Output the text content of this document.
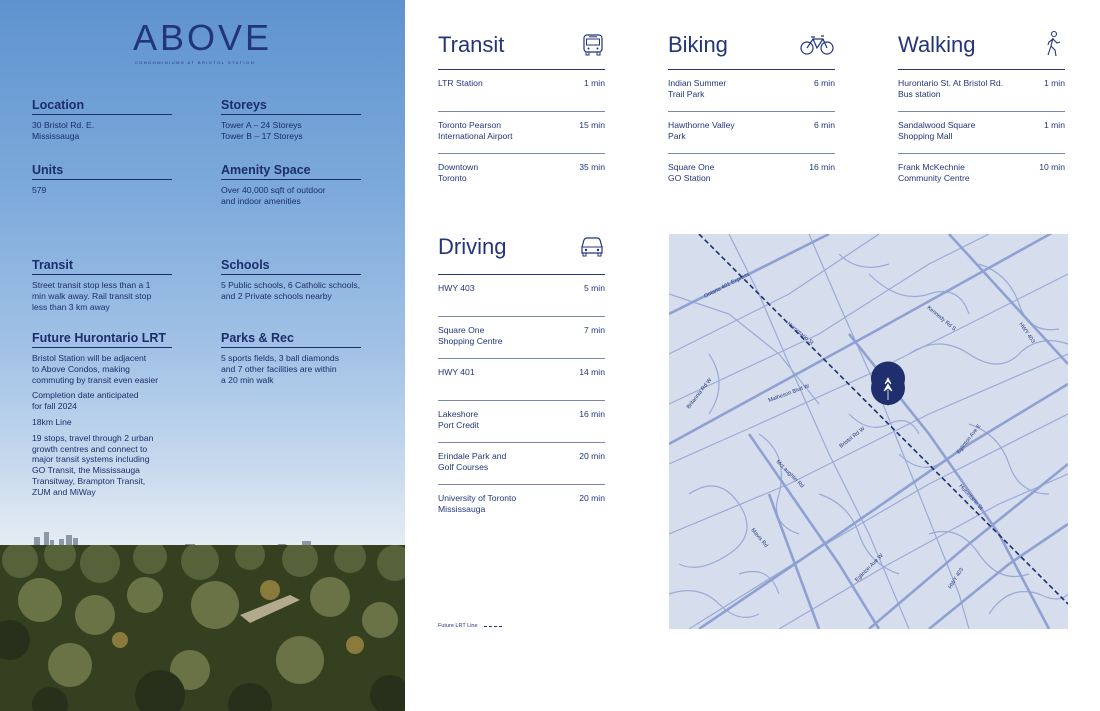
ABOVE
CONDOMINIUMS AT BRISTOL STATION
Location

30 Bristol Rd. E.
Mississauga

Storeys

Tower A – 24 Storeys
Tower B – 17 Storeys

Units

579

Amenity Space

Over 40,000 sqft of outdoor
and indoor amenities

Transit

Street transit stop less than a 1
min walk away. Rail transit stop
less than 3 km away

Schools

5 Public schools, 6 Catholic schools,
and 2 Private schools nearby

Future Hurontario LRT

Bristol Station will be adjacent
to Above Condos, making
commuting by transit even easier

Completion date anticipated
for fall 2024

18km Line

19 stops, travel through 2 urban
growth centres and connect to
major transit systems including
GO Transit, the Mississauga
Transitway, Brampton Transit,
ZUM and MiWay

Parks & Rec

5 sports fields, 3 ball diamonds
and 7 other facilities are within
a 20 min walk

Transit
LTR Station	1 min
Toronto Pearson
International Airport
15 min
Downtown
Toronto
35 min
Biking
Indian Summer
Trail Park
6 min
Hawthorne Valley
Park
6 min
Square One
GO Station
16 min
Walking
Hurontario St. At Bristol Rd.
Bus station
1 min
Sandalwood Square
Shopping Mall
1 min
Frank McKechnie
Community Centre
10 min
Driving
HWY 403	5 min
Square One
Shopping Centre
7 min
HWY 401	14 min
Lakeshore
Port Credit
16 min
Erindale Park and
Golf Courses
20 min
University of Toronto
Mississauga
20 min
Ontario 401 Express
Hurontario St
Kennedy Rd S
HWY 403
Britannia Rd W	Matheson Blvd W
Bristol Rd W	Eglinton Ave E
McLaughlin Rd
Hurontario St
Mavis Rd
Eglinton Ave W	HWY 403
Future LRT Line
